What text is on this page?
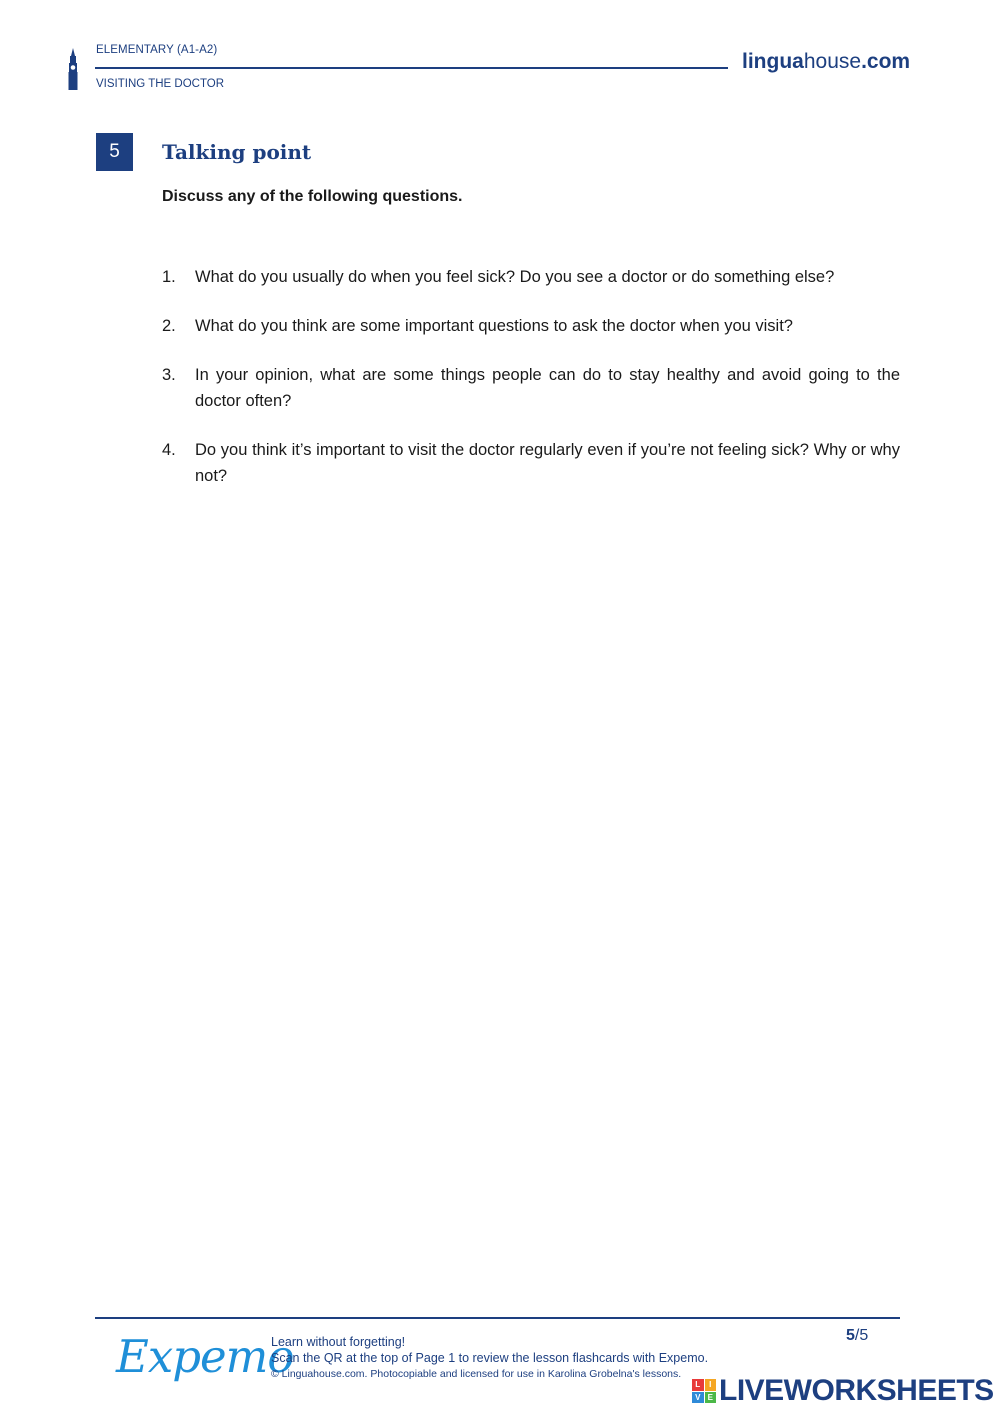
ELEMENTARY (A1-A2)
VISITING THE DOCTOR
linguahouse.com
5	Talking point
Discuss any of the following questions.
1.	What do you usually do when you feel sick? Do you see a doctor or do something else?
2.	What do you think are some important questions to ask the doctor when you visit?
3.	In your opinion, what are some things people can do to stay healthy and avoid going to the doctor often?
4.	Do you think it’s important to visit the doctor regularly even if you’re not feeling sick? Why or why not?
Expemo
Learn without forgetting!
Scan the QR at the top of Page 1 to review the lesson flashcards with Expemo.
© Linguahouse.com. Photocopiable and licensed for use in Karolina Grobelna's lessons.
5/5
L	I
V E LIVEWORKSHEETS
